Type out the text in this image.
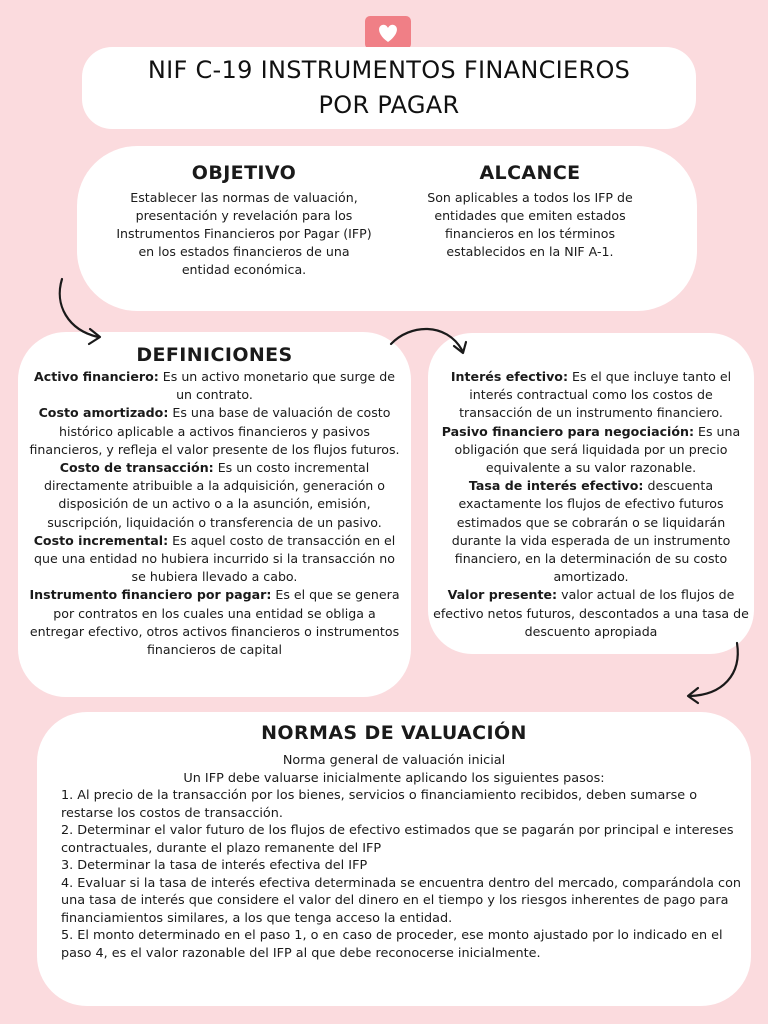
NIF C-19 INSTRUMENTOS FINANCIEROS
POR PAGAR
OBJETIVO

Establecer las normas de valuación, presentación y revelación para los Instrumentos Financieros por Pagar (IFP) en los estados financieros de una entidad económica.

ALCANCE

Son aplicables a todos los IFP de entidades que emiten estados financieros en los términos establecidos en la NIF A-1.

DEFINICIONES
Activo financiero: Es un activo monetario que surge de un contrato.
Costo amortizado: Es una base de valuación de costo histórico aplicable a activos financieros y pasivos financieros, y refleja el valor presente de los flujos futuros.
Costo de transacción: Es un costo incremental directamente atribuible a la adquisición, generación o disposición de un activo o a la asunción, emisión, suscripción, liquidación o transferencia de un pasivo.
Costo incremental: Es aquel costo de transacción en el que una entidad no hubiera incurrido si la transacción no se hubiera llevado a cabo.
Instrumento financiero por pagar: Es el que se genera por contratos en los cuales una entidad se obliga a entregar efectivo, otros activos financieros o instrumentos financieros de capital
Interés efectivo: Es el que incluye tanto el interés contractual como los costos de transacción de un instrumento financiero.
Pasivo financiero para negociación: Es una obligación que será liquidada por un precio equivalente a su valor razonable.
Tasa de interés efectivo: descuenta exactamente los flujos de efectivo futuros estimados que se cobrarán o se liquidarán durante la vida esperada de un instrumento financiero, en la determinación de su costo amortizado.
Valor presente: valor actual de los flujos de efectivo netos futuros, descontados a una tasa de descuento apropiada
NORMAS DE VALUACIÓN

Norma general de valuación inicial

Un IFP debe valuarse inicialmente aplicando los siguientes pasos:

1. Al precio de la transacción por los bienes, servicios o financiamiento recibidos, deben sumarse o restarse los costos de transacción.
2. Determinar el valor futuro de los flujos de efectivo estimados que se pagarán por principal e intereses contractuales, durante el plazo remanente del IFP
3. Determinar la tasa de interés efectiva del IFP
4. Evaluar si la tasa de interés efectiva determinada se encuentra dentro del mercado, comparándola con una tasa de interés que considere el valor del dinero en el tiempo y los riesgos inherentes de pago para financiamientos similares, a los que tenga acceso la entidad.
5. El monto determinado en el paso 1, o en caso de proceder, ese monto ajustado por lo indicado en el paso 4, es el valor razonable del IFP al que debe reconocerse inicialmente.
